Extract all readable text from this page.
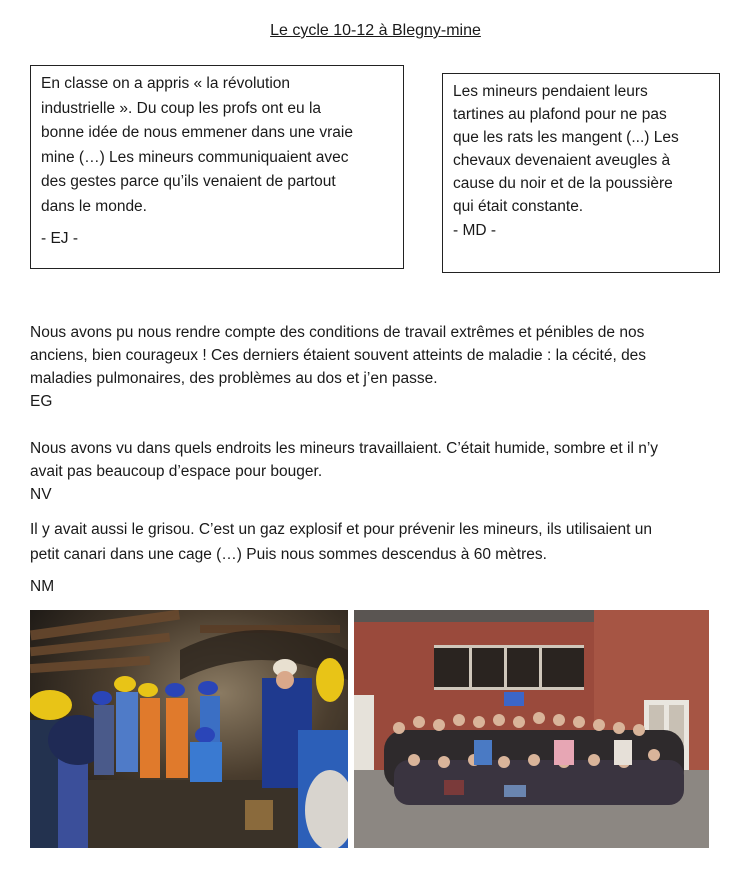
Le cycle 10-12 à Blegny-mine

En classe on a appris « la révolution

industrielle ». Du coup les profs ont eu la

bonne idée de nous emmener dans une vraie

mine (…) Les mineurs communiquaient avec

des gestes parce qu’ils venaient de partout

dans le monde.

- EJ -

Les mineurs pendaient leurs

tartines au plafond pour ne pas

que les rats les mangent (...) Les

chevaux devenaient aveugles à

cause du noir et de la poussière

qui était constante.

- MD -

Nous avons pu nous rendre compte des conditions de travail extrêmes et pénibles de nos
anciens, bien courageux ! Ces derniers étaient souvent atteints de maladie : la cécité, des
maladies pulmonaires, des problèmes au dos et j’en passe.
EG
Nous avons vu dans quels endroits les mineurs travaillaient. C’était humide, sombre et il n’y
avait pas beaucoup d’espace pour bouger.
NV
Il y avait aussi le grisou. C’est un gaz explosif et pour prévenir les mineurs, ils utilisaient un
petit canari dans une cage (…) Puis nous sommes descendus à 60 mètres.

NM
